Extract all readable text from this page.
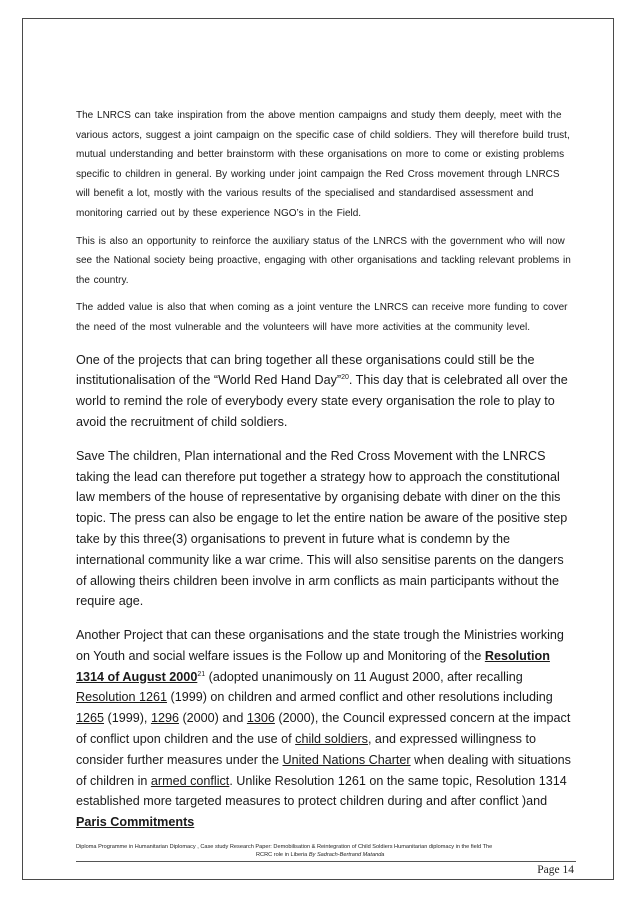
The LNRCS can take inspiration from the above mention campaigns and study them deeply, meet with the various actors, suggest a joint campaign on the specific case of child soldiers. They will therefore build trust, mutual understanding and better brainstorm with these organisations on more to come or existing problems specific to children in general. By working under joint campaign the Red Cross movement through LNRCS will benefit a lot, mostly with the various results of the specialised and standardised assessment and monitoring carried out by these experience NGO’s in the Field.

This is also an opportunity to reinforce the auxiliary status of the LNRCS with the government who will now see the National society being proactive, engaging with other organisations and tackling relevant problems in the country.

The added value is also that when coming as a joint venture the LNRCS can receive more funding to cover the need of the most vulnerable and the volunteers will have more activities at the community level.

One of the projects that can bring together all these organisations could still be the institutionalisation of the “World Red Hand Day”$^{20}$. This day that is celebrated all over the world to remind the role of everybody every state every organisation the role to play to avoid the recruitment of child soldiers.

Save The children, Plan international and the Red Cross Movement with the LNRCS taking the lead can therefore put together a strategy how to approach the constitutional law members of the house of representative by organising debate with diner on the this topic. The press can also be engage to let the entire nation be aware of the positive step take by this three(3) organisations to prevent in future what is condemn by the international community like a war crime. This will also sensitise parents on the dangers of allowing theirs children been involve in arm conflicts as main participants without the require age.

Another Project that can these organisations and the state trough the Ministries working on Youth and social welfare issues is the Follow up and Monitoring of the Resolution 1314 of August 2000$^{21}$ (adopted unanimously on 11 August 2000, after recalling Resolution 1261 (1999) on children and armed conflict and other resolutions including 1265 (1999), 1296 (2000) and 1306 (2000), the Council expressed concern at the impact of conflict upon children and the use of child soldiers, and expressed willingness to consider further measures under the United Nations Charter when dealing with situations of children in armed conflict. Unlike Resolution 1261 on the same topic, Resolution 1314 established more targeted measures to protect children during and after conflict )and Paris Commitments

Diploma Programme in Humanitarian Diplomacy , Case study Research Paper: Demobilisation & Reintegration of Child Soldiers Humanitarian diplomacy in the field The
RCRC role in Liberia By Sadrach-Bertrand Matanda
Page 14
